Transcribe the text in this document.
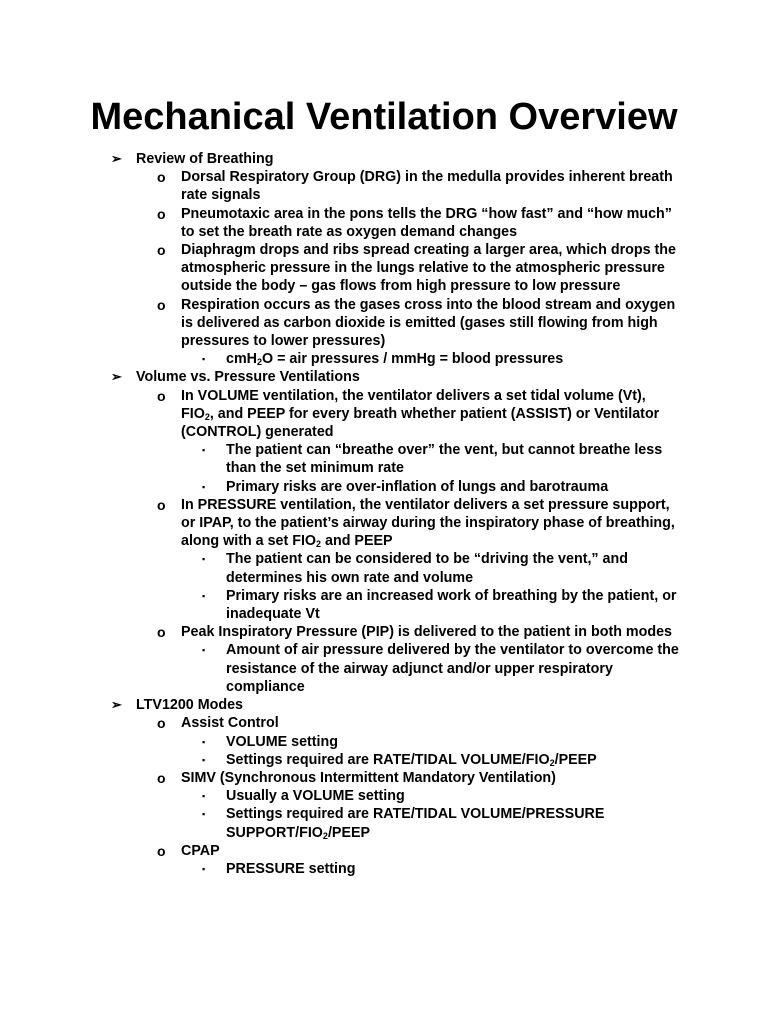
Mechanical Ventilation Overview
➢ Review of Breathing
o Dorsal Respiratory Group (DRG) in the medulla provides inherent breath rate signals
o Pneumotaxic area in the pons tells the DRG “how fast” and “how much” to set the breath rate as oxygen demand changes
o Diaphragm drops and ribs spread creating a larger area, which drops the atmospheric pressure in the lungs relative to the atmospheric pressure outside the body – gas flows from high pressure to low pressure
o Respiration occurs as the gases cross into the blood stream and oxygen is delivered as carbon dioxide is emitted (gases still flowing from high pressures to lower pressures)
▪ cmH$_2$O = air pressures / mmHg = blood pressures
➢ Volume vs. Pressure Ventilations
o In VOLUME ventilation, the ventilator delivers a set tidal volume (Vt), $FIO_2$, and PEEP for every breath whether patient (ASSIST) or Ventilator (CONTROL) generated
▪ The patient can “breathe over” the vent, but cannot breathe less than the set minimum rate
▪ Primary risks are over-inflation of lungs and barotrauma
o In PRESSURE ventilation, the ventilator delivers a set pressure support, or IPAP, to the patient’s airway during the inspiratory phase of breathing, along with a set $FIO_2$ and PEEP
▪ The patient can be considered to be “driving the vent,” and determines his own rate and volume
▪ Primary risks are an increased work of breathing by the patient, or inadequate Vt
o Peak Inspiratory Pressure (PIP) is delivered to the patient in both modes
▪ Amount of air pressure delivered by the ventilator to overcome the resistance of the airway adjunct and/or upper respiratory compliance
➢ LTV1200 Modes
o Assist Control
▪ VOLUME setting
▪ Settings required are RATE/TIDAL VOLUME/$FIO_2$/PEEP
o SIMV (Synchronous Intermittent Mandatory Ventilation)
▪ Usually a VOLUME setting
▪ Settings required are RATE/TIDAL VOLUME/PRESSURE SUPPORT/$FIO_2$/PEEP
o CPAP
▪ PRESSURE setting
